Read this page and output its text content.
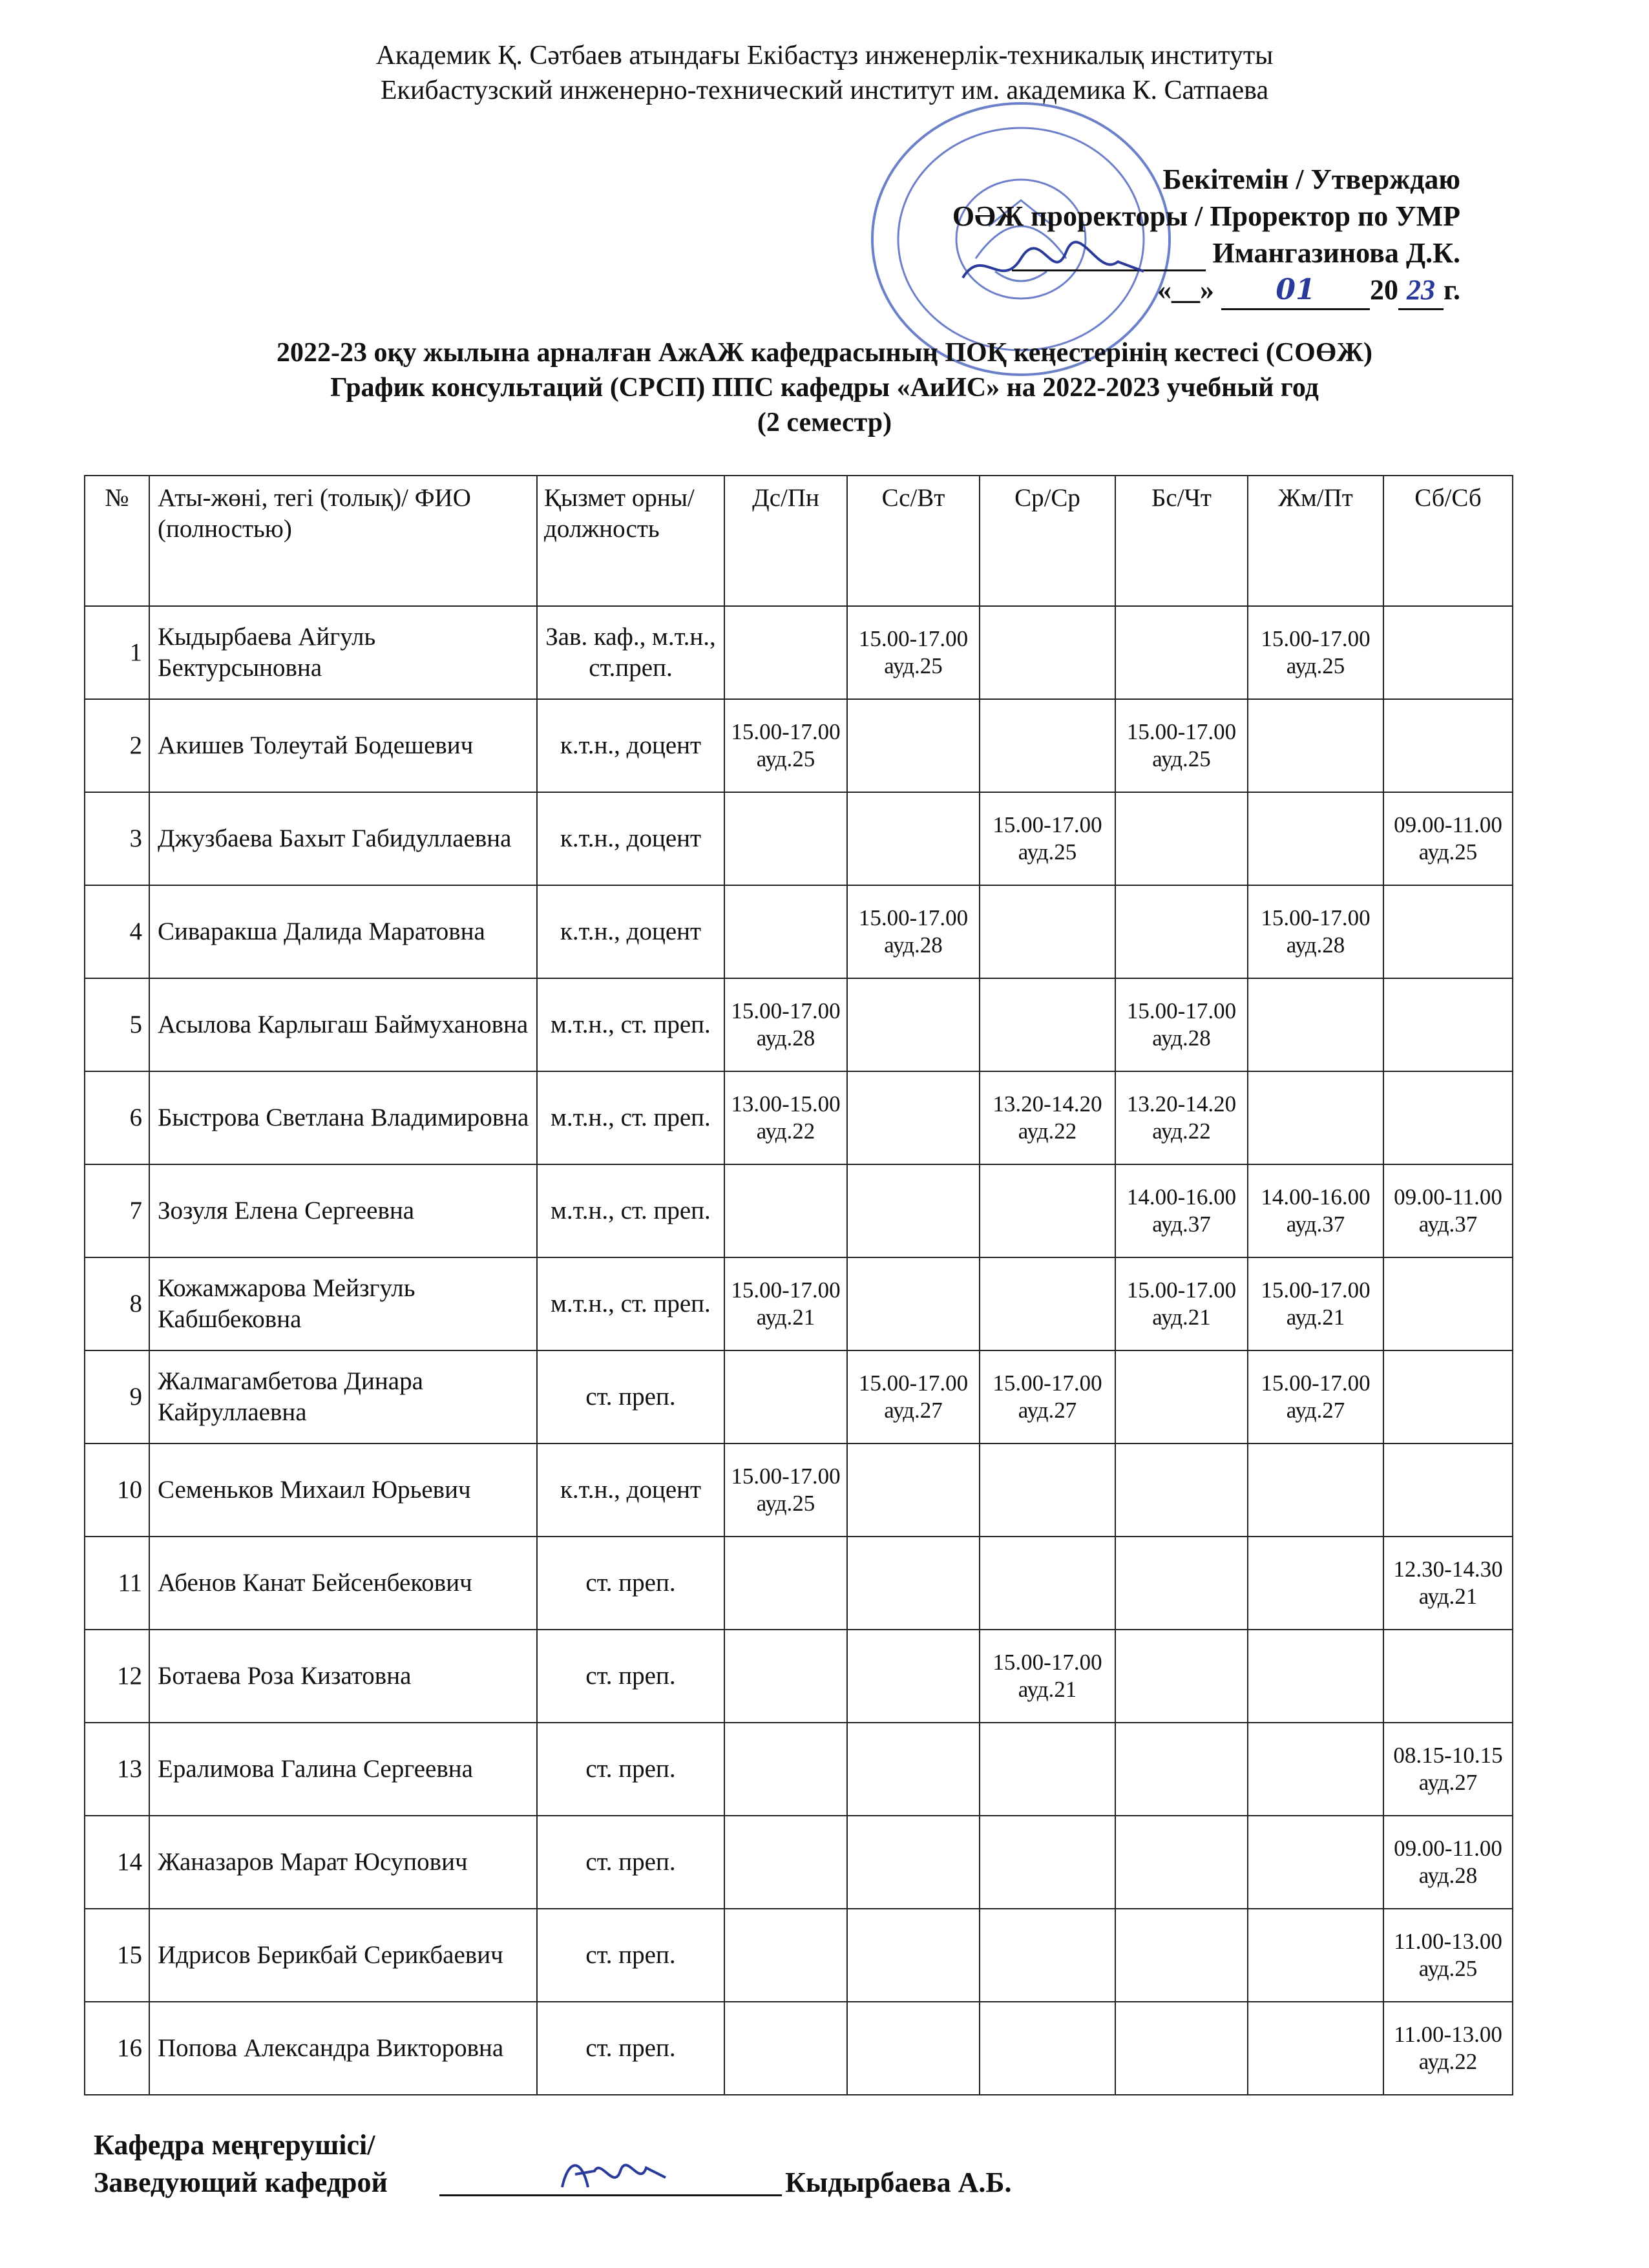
Академик Қ. Сәтбаев атындағы Екібастұз инженерлік-техникалық институты
Екибастузский инженерно-технический институт им. академика К. Сатпаева
Бекітемін / Утверждаю
ОӘЖ проректоры / Проректор по УМР
Имангазинова Д.К.
«__» 01 20 23 г.
2022-23 оқу жылына арналған АжАЖ кафедрасының ПОҚ кеңестерінің кестесі (СОӨЖ)
График консультаций (СРСП) ППС кафедры «АиИС» на 2022-2023 учебный год
(2 семестр)
№	Аты-жөні, тегі (толық)/ ФИО (полностью)	Қызмет орны/ должность	Дс/Пн	Сс/Вт	Ср/Ср	Бс/Чт	Жм/Пт	Сб/Сб
1	Кыдырбаева Айгуль Бектурсыновна	Зав. каф., м.т.н., ст.преп.		15.00-17.00 ауд.25			15.00-17.00 ауд.25	
2	Акишев Толеутай Бодешевич	к.т.н., доцент	15.00-17.00 ауд.25			15.00-17.00 ауд.25		
3	Джузбаева Бахыт Габидуллаевна	к.т.н., доцент			15.00-17.00 ауд.25			09.00-11.00 ауд.25
4	Сиваракша Далида Маратовна	к.т.н., доцент		15.00-17.00 ауд.28			15.00-17.00 ауд.28	
5	Асылова Карлыгаш Баймухановна	м.т.н., ст. преп.	15.00-17.00 ауд.28			15.00-17.00 ауд.28		
6	Быстрова Светлана Владимировна	м.т.н., ст. преп.	13.00-15.00 ауд.22		13.20-14.20 ауд.22	13.20-14.20 ауд.22		
7	Зозуля Елена Сергеевна	м.т.н., ст. преп.				14.00-16.00 ауд.37	14.00-16.00 ауд.37	09.00-11.00 ауд.37
8	Кожамжарова Мейзгуль Кабшбековна	м.т.н., ст. преп.	15.00-17.00 ауд.21			15.00-17.00 ауд.21	15.00-17.00 ауд.21	
9	Жалмагамбетова Динара Кайруллаевна	ст. преп.		15.00-17.00 ауд.27	15.00-17.00 ауд.27		15.00-17.00 ауд.27	
10	Семеньков Михаил Юрьевич	к.т.н., доцент	15.00-17.00 ауд.25					
11	Абенов Канат Бейсенбекович	ст. преп.						12.30-14.30 ауд.21
12	Ботаева Роза Кизатовна	ст. преп.			15.00-17.00 ауд.21			
13	Ералимова Галина Сергеевна	ст. преп.						08.15-10.15 ауд.27
14	Жаназаров Марат Юсупович	ст. преп.						09.00-11.00 ауд.28
15	Идрисов Берикбай Серикбаевич	ст. преп.						11.00-13.00 ауд.25
16	Попова Александра Викторовна	ст. преп.						11.00-13.00 ауд.22
Кафедра меңгерушісі/
Заведующий кафедрой	Кыдырбаева А.Б.
